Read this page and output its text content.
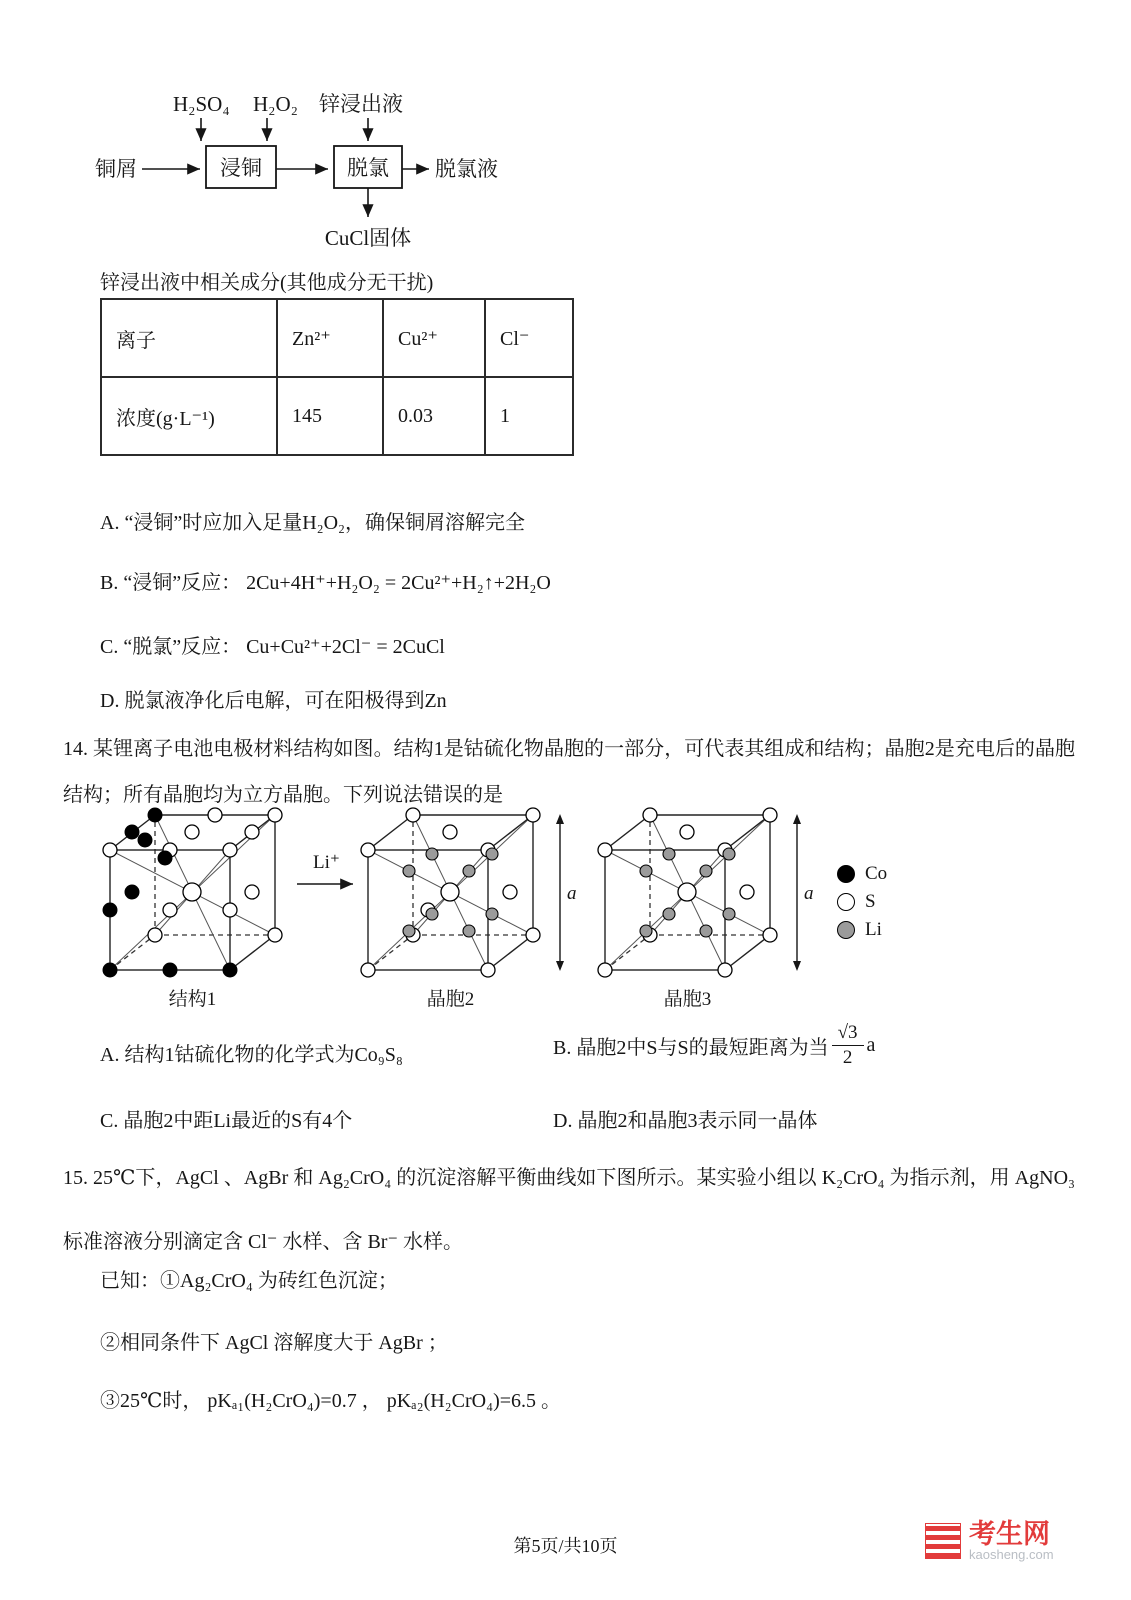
H₂SO₄ H₂O₂ 锌浸出液
铜屑	浸铜	脱氯 脱氯液
CuCl固体
锌浸出液中相关成分(其他成分无干扰)
离子	Zn²⁺	Cu²⁺	Cl⁻
浓度(g·L⁻¹)	145	0.03	1
A. “浸铜”时应加入足量H₂O₂，确保铜屑溶解完全
B. “浸铜”反应： 2Cu+4H⁺+H₂O₂ = 2Cu²⁺+H₂↑+2H₂O
C. “脱氯”反应： Cu+Cu²⁺+2Cl⁻ = 2CuCl
D. 脱氯液净化后电解，可在阳极得到Zn
14. 某锂离子电池电极材料结构如图。结构1是钴硫化物晶胞的一部分，可代表其组成和结构；晶胞2是充电后的晶胞结构；所有晶胞均为立方晶胞。下列说法错误的是
结构1
Li⁺
a
晶胞2
a
晶胞3
Co
S
Li
A. 结构1钴硫化物的化学式为Co₉S₈	B. 晶胞2中S与S的最短距离为当 $\frac{√3}{2}$ a
C. 晶胞2中距Li最近的S有4个	D. 晶胞2和晶胞3表示同一晶体
15. 25℃下，AgCl 、AgBr 和 Ag₂CrO₄ 的沉淀溶解平衡曲线如下图所示。某实验小组以 K₂CrO₄ 为指示剂，用 AgNO₃ 标准溶液分别滴定含 Cl⁻ 水样、含 Br⁻ 水样。
已知：①Ag₂CrO₄ 为砖红色沉淀；
②相同条件下 AgCl 溶解度大于 AgBr ；
③25℃时， pKₐ₁(H₂CrO₄)=0.7 ， pKₐ₂(H₂CrO₄)=6.5 。
第5页/共10页	考生网
kaosheng.com
